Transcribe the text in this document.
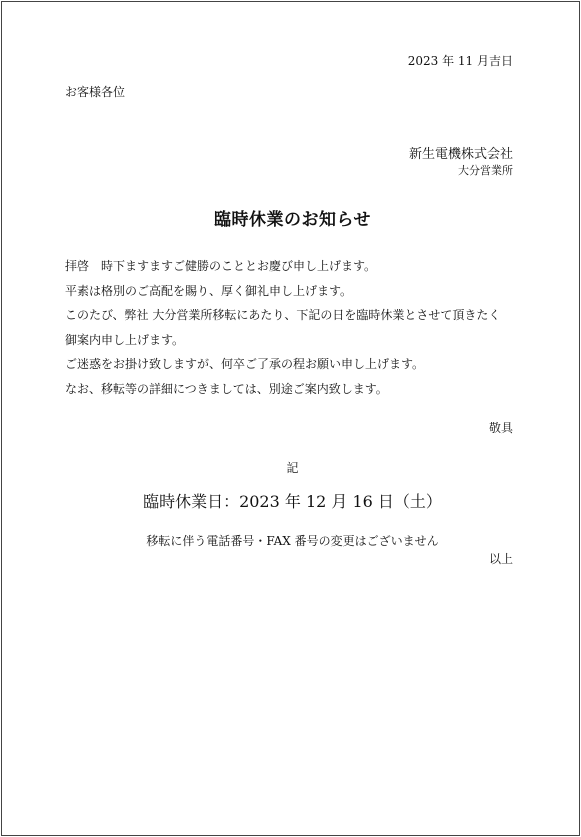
2023 年 11 月吉日
お客様各位
新生電機株式会社
大分営業所
臨時休業のお知らせ
拝啓　時下ますますご健勝のこととお慶び申し上げます。
平素は格別のご高配を賜り、厚く御礼申し上げます。
このたび、弊社 大分営業所移転にあたり、下記の日を臨時休業とさせて頂きたく
御案内申し上げます。
ご迷惑をお掛け致しますが、何卒ご了承の程お願い申し上げます。
なお、移転等の詳細につきましては、別途ご案内致します。
敬具
記
臨時休業日：2023 年 12 月 16 日（土）
移転に伴う電話番号・FAX 番号の変更はございません
以上
